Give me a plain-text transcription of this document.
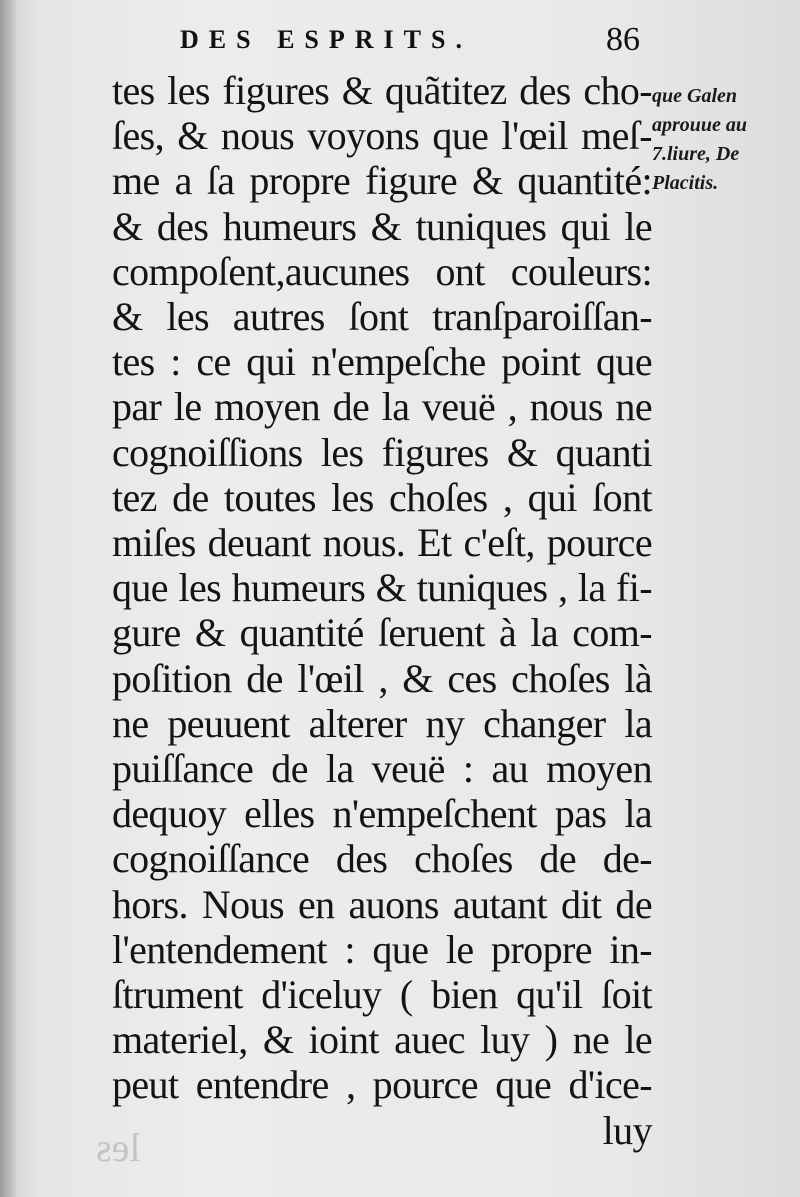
DES ESPRITS.	86
tes les figures & quãtitez des cho-
ſes, & nous voyons que l'œil meſ-
me a ſa propre figure & quantité:
& des humeurs & tuniques qui le
compoſent,aucunes ont couleurs:
& les autres ſont tranſparoiſſan-
tes : ce qui n'empeſche point que
par le moyen de la veuë , nous ne
cognoiſſions les figures & quanti
tez de toutes les choſes , qui ſont
miſes deuant nous. Et c'eſt, pource
que les humeurs & tuniques , la fi-
gure & quantité ſeruent à la com-
poſition de l'œil , & ces choſes là
ne peuuent alterer ny changer la
puiſſance de la veuë : au moyen
dequoy elles n'empeſchent pas la
cognoiſſance des choſes de de-
hors. Nous en auons autant dit de
l'entendement : que le propre in-
ſtrument d'iceluy ( bien qu'il ſoit
materiel, & ioint auec luy ) ne le
peut entendre , pource que d'ice-
luy
que Galen
aprouue au
7.liure, De
Placitis.
les
